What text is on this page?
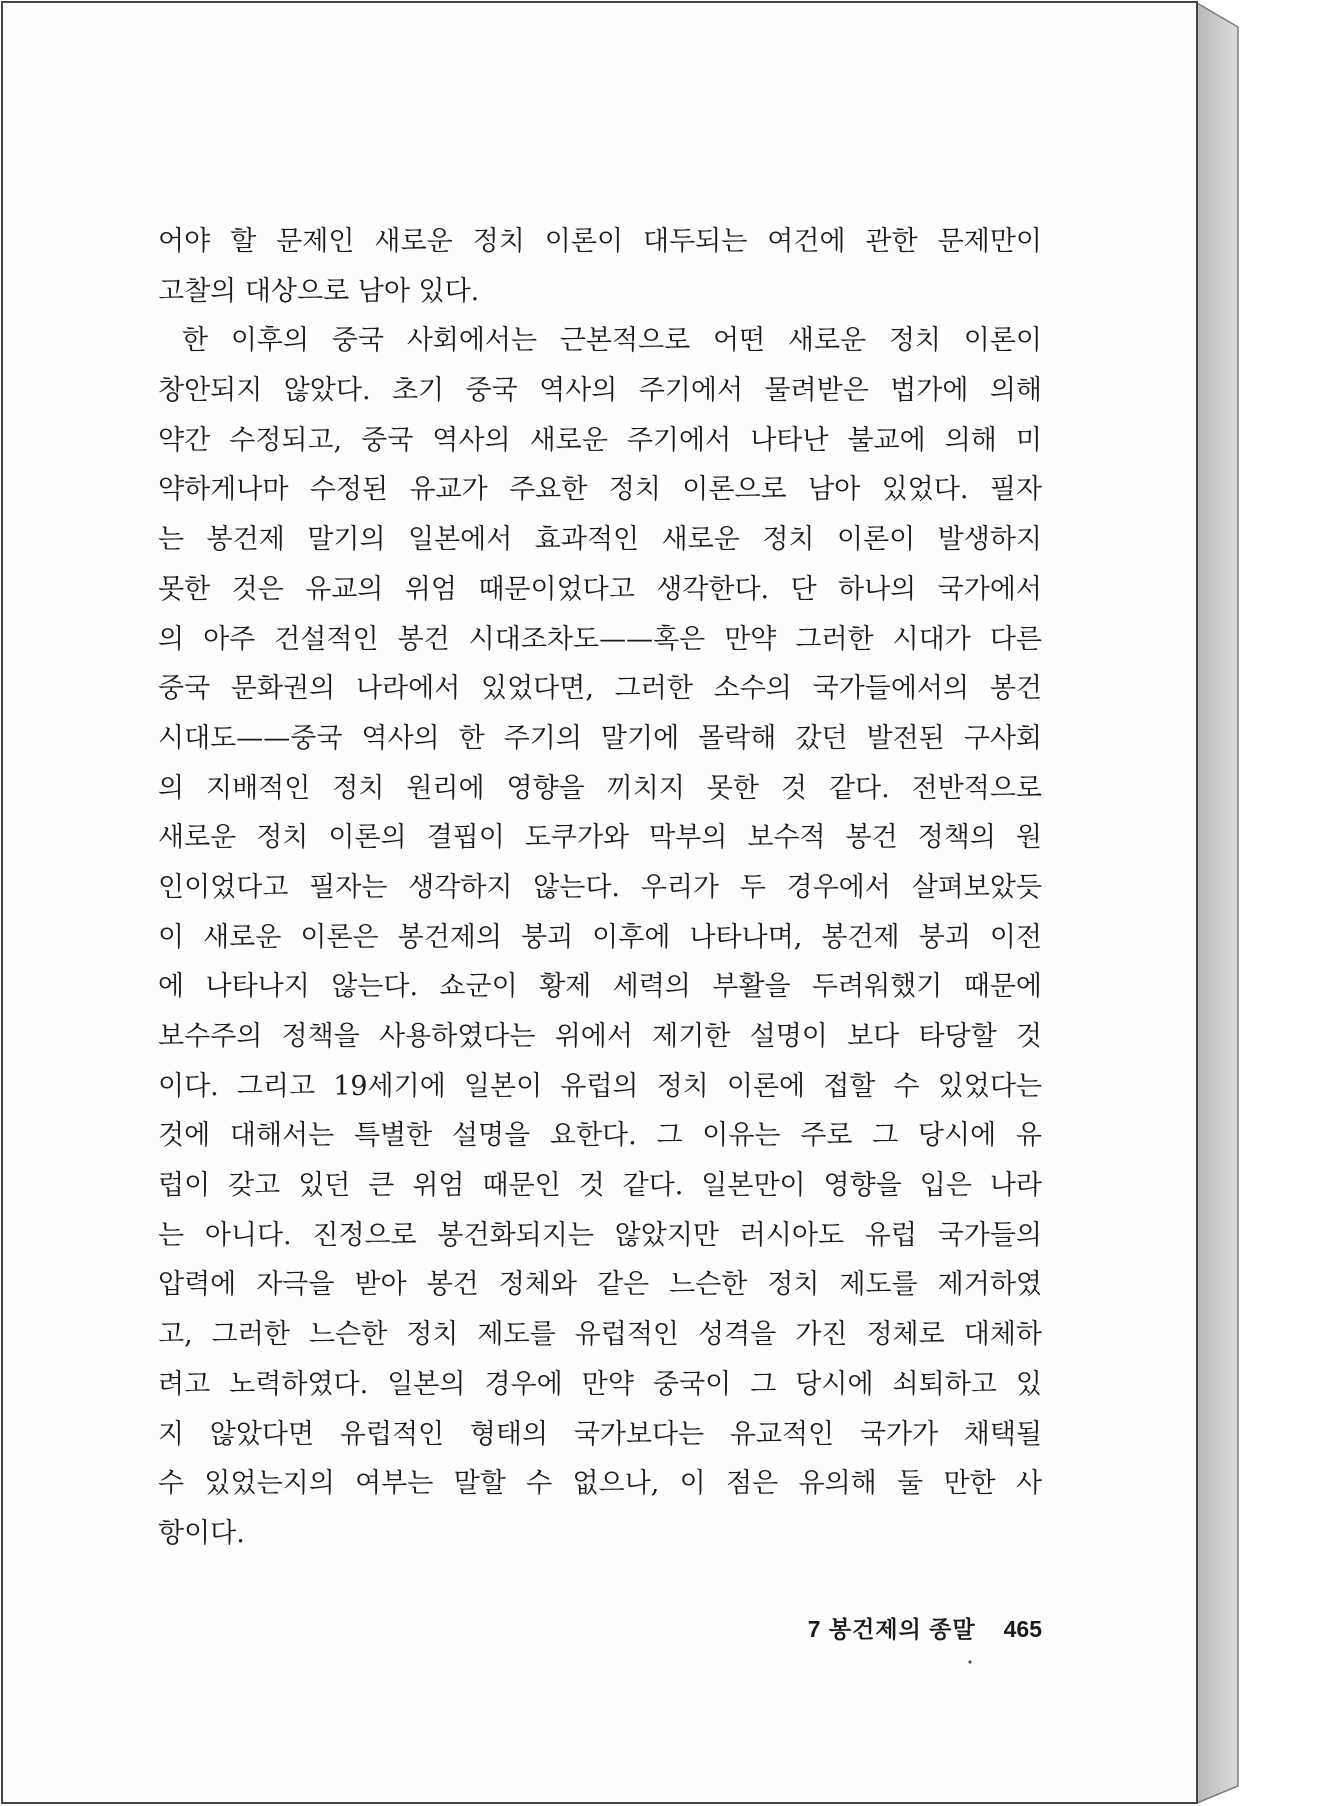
어야 할 문제인 새로운 정치 이론이 대두되는 여건에 관한 문제만이
고찰의 대상으로 남아 있다.
한 이후의 중국 사회에서는 근본적으로 어떤 새로운 정치 이론이
창안되지 않았다. 초기 중국 역사의 주기에서 물려받은 법가에 의해
약간 수정되고, 중국 역사의 새로운 주기에서 나타난 불교에 의해 미
약하게나마 수정된 유교가 주요한 정치 이론으로 남아 있었다. 필자
는 봉건제 말기의 일본에서 효과적인 새로운 정치 이론이 발생하지
못한 것은 유교의 위엄 때문이었다고 생각한다. 단 하나의 국가에서
의 아주 건설적인 봉건 시대조차도——혹은 만약 그러한 시대가 다른
중국 문화권의 나라에서 있었다면, 그러한 소수의 국가들에서의 봉건
시대도——중국 역사의 한 주기의 말기에 몰락해 갔던 발전된 구사회
의 지배적인 정치 원리에 영향을 끼치지 못한 것 같다. 전반적으로
새로운 정치 이론의 결핍이 도쿠가와 막부의 보수적 봉건 정책의 원
인이었다고 필자는 생각하지 않는다. 우리가 두 경우에서 살펴보았듯
이 새로운 이론은 봉건제의 붕괴 이후에 나타나며, 봉건제 붕괴 이전
에 나타나지 않는다. 쇼군이 황제 세력의 부활을 두려워했기 때문에
보수주의 정책을 사용하였다는 위에서 제기한 설명이 보다 타당할 것
이다. 그리고 19세기에 일본이 유럽의 정치 이론에 접할 수 있었다는
것에 대해서는 특별한 설명을 요한다. 그 이유는 주로 그 당시에 유
럽이 갖고 있던 큰 위엄 때문인 것 같다. 일본만이 영향을 입은 나라
는 아니다. 진정으로 봉건화되지는 않았지만 러시아도 유럽 국가들의
압력에 자극을 받아 봉건 정체와 같은 느슨한 정치 제도를 제거하였
고, 그러한 느슨한 정치 제도를 유럽적인 성격을 가진 정체로 대체하
려고 노력하였다. 일본의 경우에 만약 중국이 그 당시에 쇠퇴하고 있
지 않았다면 유럽적인 형태의 국가보다는 유교적인 국가가 채택될
수 있었는지의 여부는 말할 수 없으나, 이 점은 유의해 둘 만한 사
항이다.
7 봉건제의 종말 465
